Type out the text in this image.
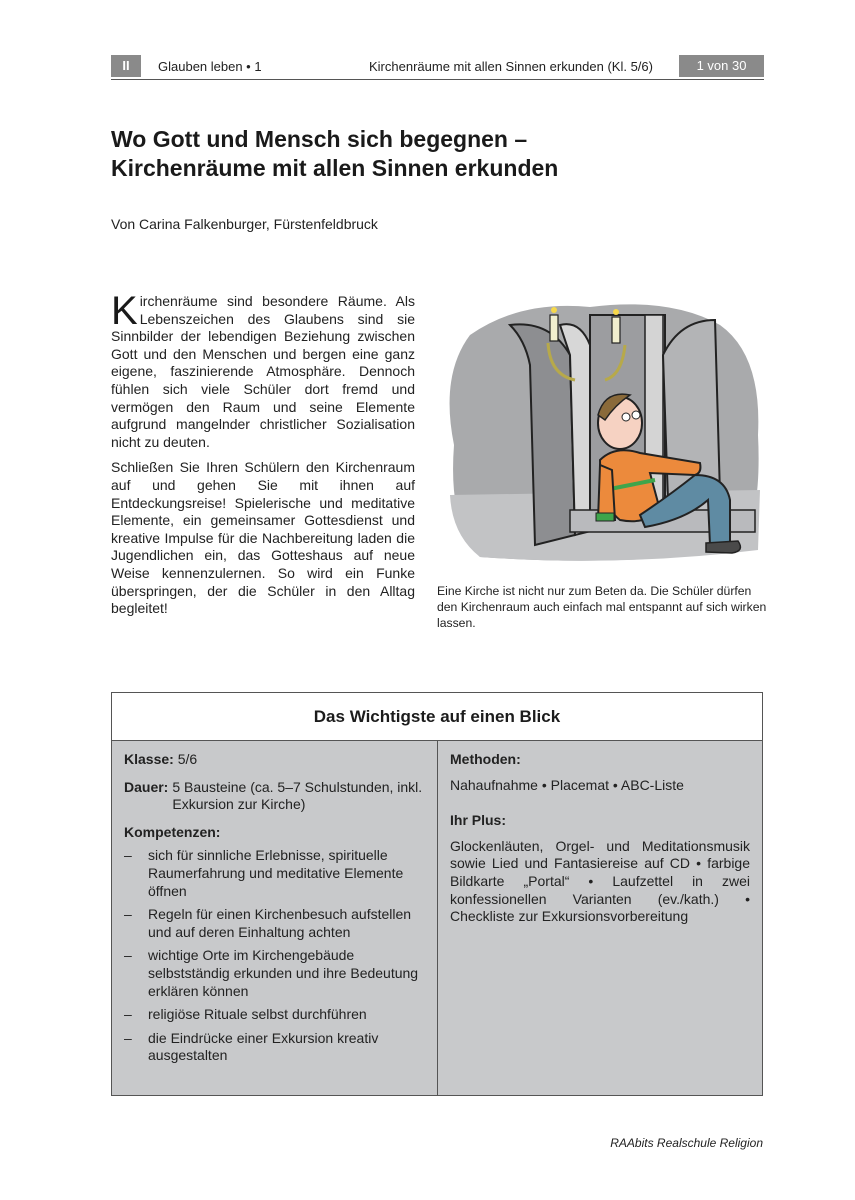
II	Glauben leben • 1	Kirchenräume mit allen Sinnen erkunden (Kl. 5/6)	1 von 30
Wo Gott und Mensch sich begegnen –
Kirchenräume mit allen Sinnen erkunden
Von Carina Falkenburger, Fürstenfeldbruck

Kirchenräume sind besondere Räume. Als Lebenszeichen des Glaubens sind sie Sinnbilder der lebendigen Beziehung zwischen Gott und den Menschen und bergen eine ganz eigene, faszinierende Atmosphäre. Dennoch fühlen sich viele Schüler dort fremd und vermögen den Raum und seine Elemente aufgrund mangelnder christlicher Sozialisation nicht zu deuten.

Schließen Sie Ihren Schülern den Kirchenraum auf und gehen Sie mit ihnen auf Entdeckungsreise! Spielerische und meditative Elemente, ein gemeinsamer Gottesdienst und kreative Impulse für die Nachbereitung laden die Jugendlichen ein, das Gotteshaus auf neue Weise kennenzulernen. So wird ein Funke überspringen, der die Schüler in den Alltag begleitet!

Eine Kirche ist nicht nur zum Beten da. Die Schüler dürfen den Kirchenraum auch einfach mal entspannt auf sich wirken lassen.
Das Wichtigste auf einen Blick
Klasse: 5/6
Dauer: 5 Bausteine (ca. 5–7 Schulstunden, inkl. Exkursion zur Kirche)
Kompetenzen:
–	sich für sinnliche Erlebnisse, spirituelle Raumerfahrung und meditative Elemente öffnen
–	Regeln für einen Kirchenbesuch aufstellen und auf deren Einhaltung achten
–	wichtige Orte im Kirchengebäude selbstständig erkunden und ihre Bedeutung erklären können
–	religiöse Rituale selbst durchführen
–	die Eindrücke einer Exkursion kreativ ausgestalten
Methoden:
Nahaufnahme • Placemat • ABC-Liste
Ihr Plus:
Glockenläuten, Orgel- und Meditationsmusik sowie Lied und Fantasiereise auf CD • farbige Bildkarte „Portal“ • Laufzettel in zwei konfessionellen Varianten (ev./kath.) • Checkliste zur Exkursionsvorbereitung
RAAbits Realschule Religion
